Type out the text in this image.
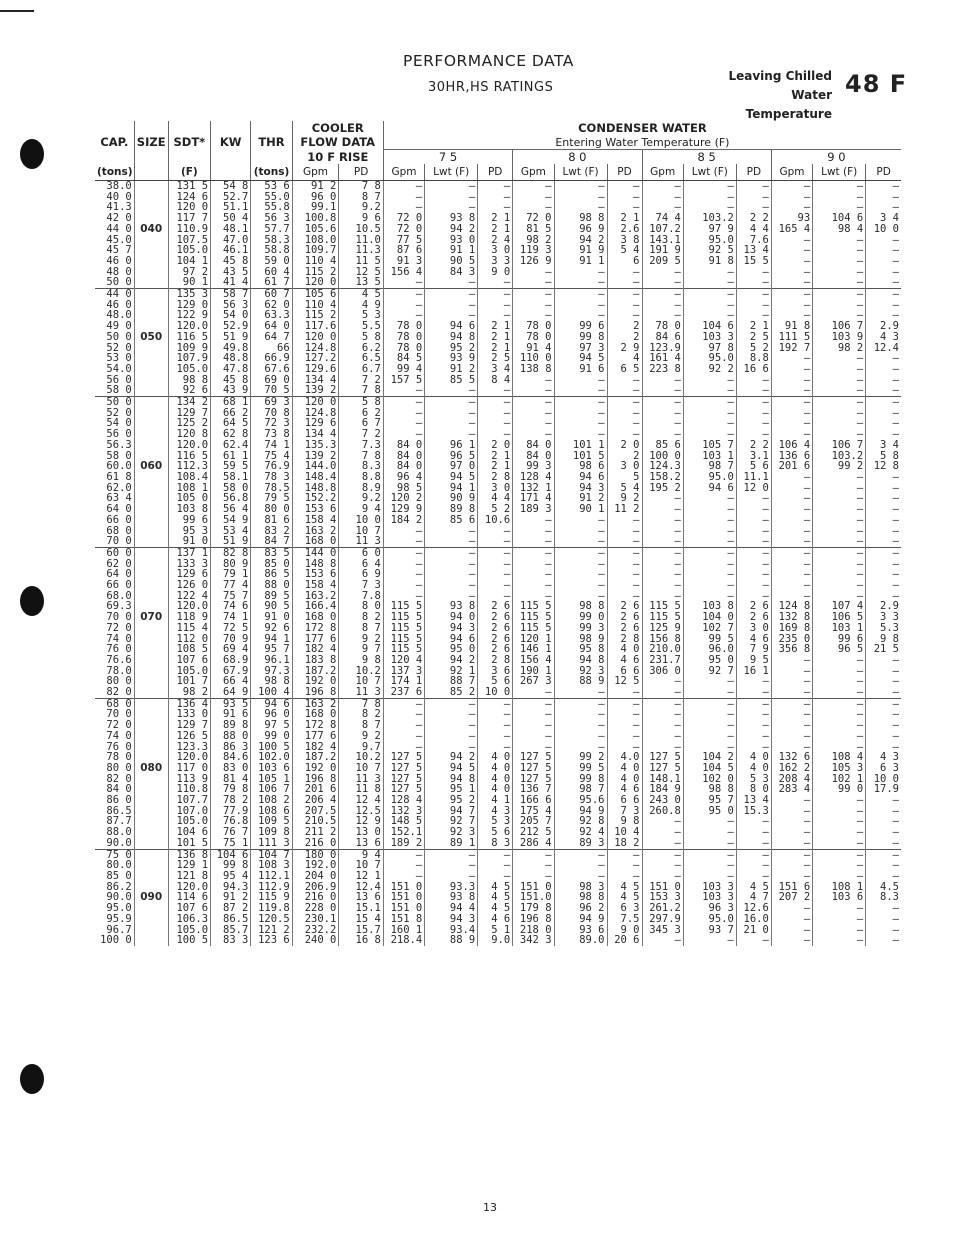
PERFORMANCE DATA
30HR,HS RATINGS
Leaving Chilled
Water Temperature
48 F
					COOLER		CONDENSER WATER											
CAP.	SIZE	SDT*	KW	THR	FLOW DATA		Entering Water Temperature (F)											
					10 F RISE		7 5			8 0			8 5			9 0		
(tons)		(F)		(tons)	Gpm	PD	Gpm	Lwt (F)	PD	Gpm	Lwt (F)	PD	Gpm	Lwt (F)	PD	Gpm	Lwt (F)	PD
38.0		131 5	54 8	53 6	91 2	7 8	—	—	—	—	—	—	—	—	—	—	—	—
40 0		124 6	52.7	55.0	96 0	8 7	—	—	—	—	—	—	—	—	—	—	—	—
41.3		120 0	51.1	55.8	99.1	9.2	—	—	—	—	—	—	—	—	—	—	—	—
42 0		117 7	50 4	56 3	100.8	9 6	72 0	93 8	2 1	72 0	98 8	2 1	74 4	103.2	2 2	93	104 6	3 4
44 0	040	110.9	48.1	57.7	105.6	10.5	72 0	94 2	2 1	81 5	96 9	2.6	107.2	97 9	4 4	165 4	98 4	10 0
45.0		107.5	47.0	58.3	108.0	11.0	77 5	93 0	2 4	98 2	94 2	3 8	143.1	95.0	7.6	—	—	—
45 7		105.0	46.1	58.8	109.7	11.3	87 6	91 1	3 0	119 3	91 9	5 4	191 9	92 5	13 4	—	—	—
46 0		104 1	45 8	59 0	110 4	11 5	91 3	90 5	3 3	126 9	91 1	6	209 5	91 8	15 5	—	—	—
48 0		97 2	43 5	60 4	115 2	12 5	156 4	84 3	9 0	—	—	—	—	—	—	—	—	—
50 0		90 1	41 4	61 7	120 0	13 5	—	—	—	—	—	—	—	—	—	—	—	—
44 0		135 3	58 7	60 7	105 6	4 5	—	—	—	—	—	—	—	—	—	—	—	—
46 0		129 0	56 3	62 0	110 4	4 9	—	—	—	—	—	—	—	—	—	—	—	—
48.0		122 9	54 0	63.3	115 2	5 3	—	—	—	—	—	—	—	—	—	—	—	—
49 0		120.0	52.9	64 0	117.6	5.5	78 0	94 6	2 1	78 0	99 6	2	78 0	104 6	2 1	91 8	106 7	2.9
50 0	050	116 5	51 9	64 7	120 0	5 8	78 0	94 8	2 1	78 0	99 8	2	84 6	103 3	2 5	111 5	103 9	4 3
52 0		109 9	49.8	66	124.8	6.2	78 0	95 2	2 1	91 4	97 3	2 9	123.9	97 8	5 2	192 7	98 2	12.4
53 0		107.9	48.8	66.9	127.2	6.5	84 5	93 9	2 5	110 0	94 5	4	161 4	95.0	8.8	—	—	—
54.0		105.0	47.8	67.6	129.6	6.7	99 4	91 2	3 4	138 8	91 6	6 5	223 8	92 2	16 6	—	—	—
56 0		98 8	45 8	69 0	134 4	7 2	157 5	85 5	8 4	—	—	—	—	—	—	—	—	—
58 0		92 6	43 9	70 5	139 2	7 8	—	—	—	—	—	—	—	—	—	—	—	—
50 0		134 2	68 1	69 3	120 0	5 8	—	—	—	—	—	—	—	—	—	—	—	—
52 0		129 7	66 2	70 8	124.8	6 2	—	—	—	—	—	—	—	—	—	—	—	—
54 0		125 2	64 5	72 3	129 6	6 7	—	—	—	—	—	—	—	—	—	—	—	—
56 0		120 8	62 8	73 8	134 4	7 2	—	—	—	—	—	—	—	—	—	—	—	—
56.3		120.0	62.4	74 1	135.3	7.3	84 0	96 1	2 0	84 0	101 1	2 0	85 6	105 7	2 2	106 4	106 7	3 4
58 0		116 5	61 1	75 4	139 2	7 8	84 0	96 5	2 1	84 0	101 5	2	100 0	103 1	3.1	136 6	103.2	5 8
60.0	060	112.3	59 5	76.9	144.0	8.3	84 0	97 0	2 1	99 3	98 6	3 0	124.3	98 7	5 6	201 6	99 2	12 8
61 8		108.4	58.1	78 3	148.4	8.8	96 4	94 5	2 8	128 4	94 6	5	158.2	95.0	11.1	—	—	—
62.0		108 1	58 0	78.5	148.8	8.9	98 5	94 1	3 0	132 1	94 3	5 4	195 2	94 6	12 0	—	—	—
63 4		105 0	56.8	79 5	152.2	9.2	120 2	90 9	4 4	171 4	91 2	9 2	—	—	—	—	—	—
64 0		103 8	56 4	80 0	153 6	9 4	129 9	89 8	5 2	189 3	90 1	11 2	—	—	—	—	—	—
66 0		99 6	54 9	81 6	158 4	10 0	184 2	85 6	10.6	—	—	—	—	—	—	—	—	—
68 0		95 3	53 4	83 2	163 2	10 7	—	—	—	—	—	—	—	—	—	—	—	—
70 0		91 0	51 9	84 7	168 0	11 3	—	—	—	—	—	—	—	—	—	—	—	—
60 0		137 1	82 8	83 5	144 0	6 0	—	—	—	—	—	—	—	—	—	—	—	—
62 0		133 3	80 9	85 0	148 8	6 4	—	—	—	—	—	—	—	—	—	—	—	—
64 0		129 6	79 1	86 5	153 6	6 9	—	—	—	—	—	—	—	—	—	—	—	—
66 0		126 0	77 4	88 0	158 4	7 3	—	—	—	—	—	—	—	—	—	—	—	—
68.0		122 4	75 7	89 5	163.2	7.8	—	—	—	—	—	—	—	—	—	—	—	—
69.3		120.0	74 6	90 5	166.4	8 0	115 5	93 8	2 6	115 5	98 8	2 6	115 5	103 8	2 6	124 8	107 4	2.9
70 0	070	118 9	74 1	91 0	168 0	8 2	115 5	94 0	2 6	115 5	99 0	2 6	115 5	104 0	2 6	132 8	106 5	3 3
72 0		115 4	72 5	92 6	172 8	8 7	115 5	94 3	2 6	115 5	99 3	2 6	125 9	102 7	3 0	169 8	103 1	5.3
74 0		112 0	70 9	94 1	177 6	9 2	115 5	94 6	2 6	120 1	98 9	2 8	156 8	99 5	4 6	235 0	99 6	9 8
76 0		108 5	69 4	95 7	182 4	9 7	115 5	95 0	2 6	146 1	95 8	4 0	210.0	96.0	7 9	356 8	96 5	21 5
76.6		107 6	68.9	96.1	183 8	9 8	120 4	94 2	2 8	156 4	94 8	4 6	231.7	95 0	9 5	—	—	—
78.0		105.0	67.9	97.3	187.2	10.2	137 3	92 1	3 6	190 1	92 3	6 6	306 0	92 7	16 1	—	—	—
80 0		101 7	66 4	98 8	192 0	10 7	174 1	88 7	5 6	267 3	88 9	12 5	—	—	—	—	—	—
82 0		98 2	64 9	100 4	196 8	11 3	237 6	85 2	10 0	—	—	—	—	—	—	—	—	—
68 0		136 4	93 5	94 6	163 2	7 8	—	—	—	—	—	—	—	—	—	—	—	—
70 0		133 0	91 6	96 0	168 0	8 2	—	—	—	—	—	—	—	—	—	—	—	—
72 0		129 7	89 8	97 5	172 8	8 7	—	—	—	—	—	—	—	—	—	—	—	—
74 0		126 5	88 0	99 0	177 6	9 2	—	—	—	—	—	—	—	—	—	—	—	—
76 0		123.3	86 3	100 5	182 4	9.7	—	—	—	—	—	—	—	—	—	—	—	—
78 0		120.0	84.6	102.0	187.2	10.2	127 5	94 2	4 0	127 5	99 2	4.0	127 5	104 2	4 0	132 6	108 4	4 3
80 0	080	117 0	83 0	103 6	192 0	10 7	127 5	94 5	4 0	127 5	99 5	4 0	127 5	104 5	4 0	162 2	105 3	6 3
82 0		113 9	81 4	105 1	196 8	11 3	127 5	94 8	4 0	127 5	99 8	4 0	148.1	102 0	5 3	208 4	102 1	10 0
84 0		110.8	79 8	106 7	201 6	11 8	127 5	95 1	4 0	136 7	98 7	4 6	184 9	98 8	8 0	283 4	99 0	17.9
86 0		107.7	78 2	108 2	206 4	12 4	128 4	95 2	4 1	166 6	95.6	6 6	243 0	95 7	13 4	—	—	—
86.5		107.0	77.9	108 6	207.5	12.5	132 3	94 7	4 3	175 4	94 9	7 3	260.8	95 0	15.3	—	—	—
87.7		105.0	76.8	109 5	210.5	12 9	148 5	92 7	5 3	205 7	92 8	9 8	—	—	—	—	—	—
88.0		104 6	76 7	109 8	211 2	13 0	152.1	92 3	5 6	212 5	92 4	10 4	—	—	—	—	—	—
90.0		101 5	75 1	111 3	216 0	13 6	189 2	89 1	8 3	286 4	89 3	18 2	—	—	—	—	—	—
75 0		136 8	104 6	104 7	180 0	9 4	—	—	—	—	—	—	—	—	—	—	—	—
80.0		129 1	99 8	108 3	192.0	10 7	—	—	—	—	—	—	—	—	—	—	—	—
85 0		121 8	95 4	112.1	204 0	12 1	—	—	—	—	—	—	—	—	—	—	—	—
86.2		120.0	94.3	112.9	206.9	12.4	151 0	93.3	4 5	151 0	98 3	4 5	151 0	103 3	4 5	151 6	108 1	4.5
90.0	090	114 6	91 2	115 9	216 0	13 6	151 0	93 8	4 5	151.0	98 8	4 5	153 3	103 3	4 7	207 2	103 6	8.3
95.0		107 6	87 2	119.8	228 0	15.1	151 0	94 4	4 5	179 8	96 2	6 3	261.2	96 3	12.6	—	—	—
95.9		106.3	86.5	120.5	230.1	15 4	151 8	94 3	4 6	196 8	94 9	7.5	297.9	95.0	16.0	—	—	—
96.7		105.0	85.7	121 2	232.2	15.7	160 1	93.4	5 1	218 0	93 6	9 0	345 3	93 7	21 0	—	—	—
100 0		100 5	83 3	123 6	240 0	16 8	218.4	88 9	9.0	342 3	89.0	20 6	—	—	—	—	—	—
13
